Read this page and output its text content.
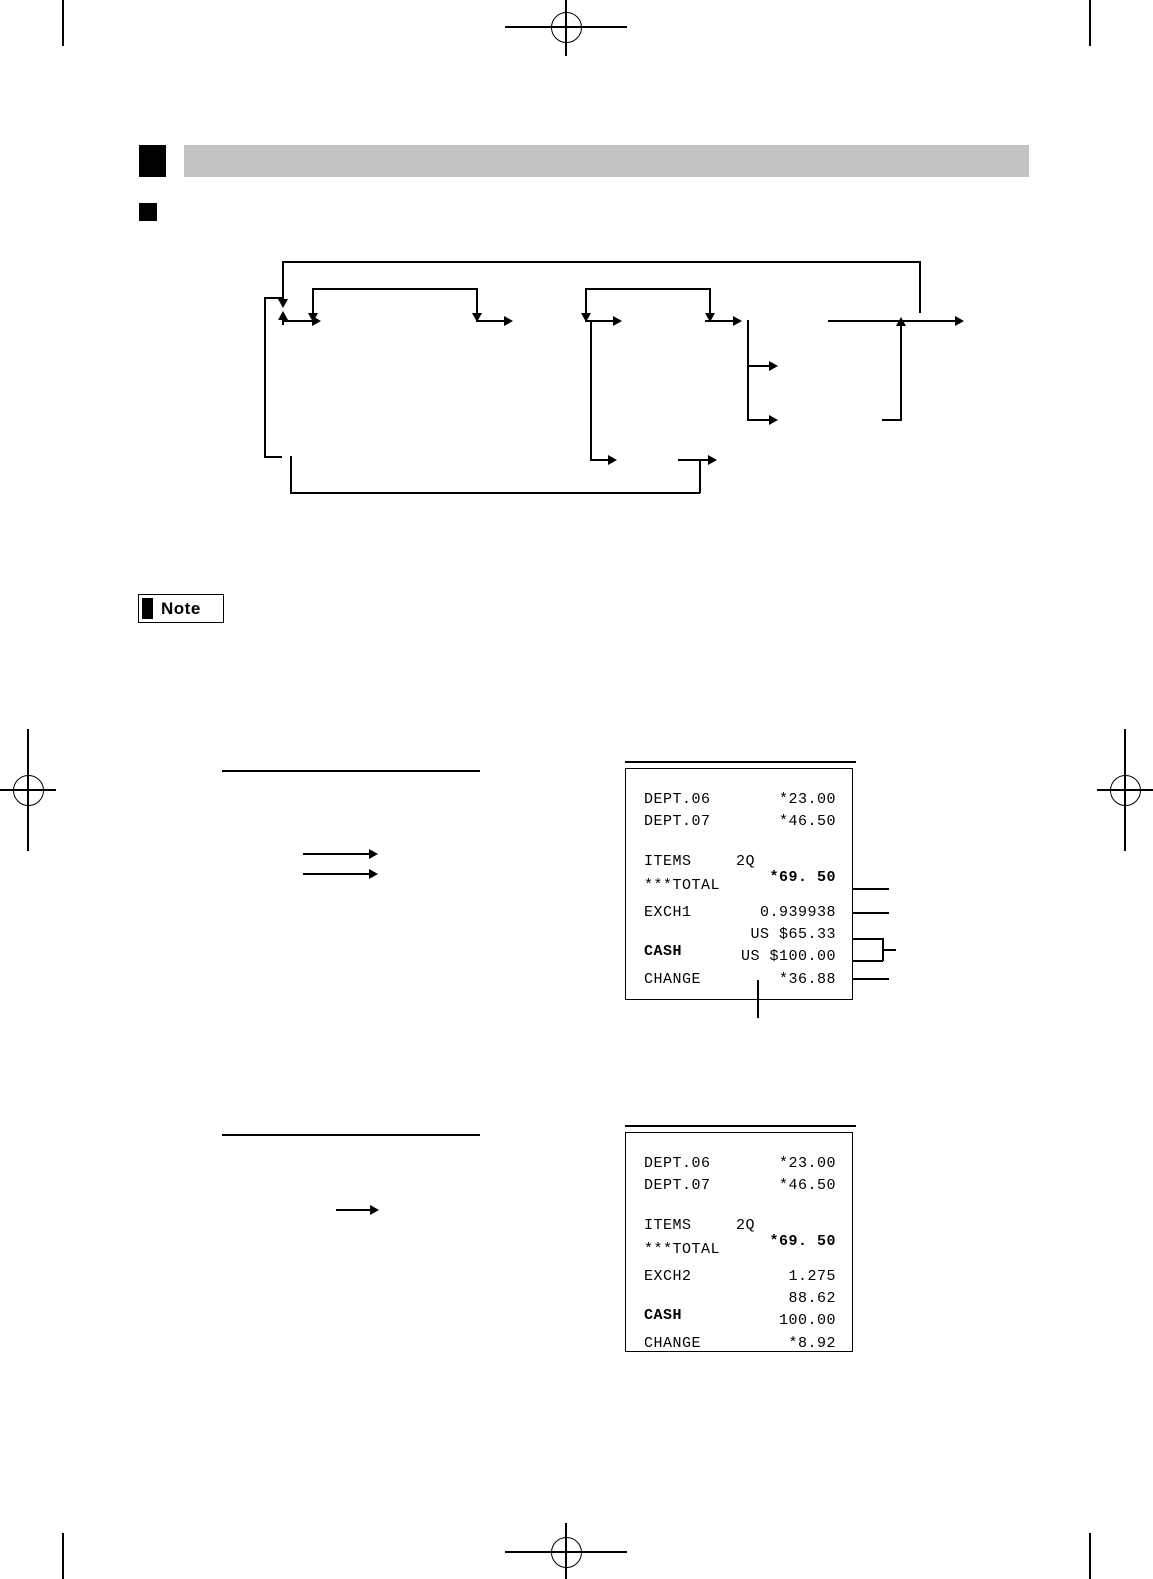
Note
DEPT.06	*23.00
DEPT.07	*46.50
ITEMS	2Q
***TOTAL	*69. 50
EXCH1	0.939938
US $65.33
CASH	US $100.00
CHANGE	*36.88
DEPT.06	*23.00
DEPT.07	*46.50
ITEMS	2Q
***TOTAL	*69. 50
EXCH2	1.275
88.62
CASH	100.00
CHANGE	*8.92
